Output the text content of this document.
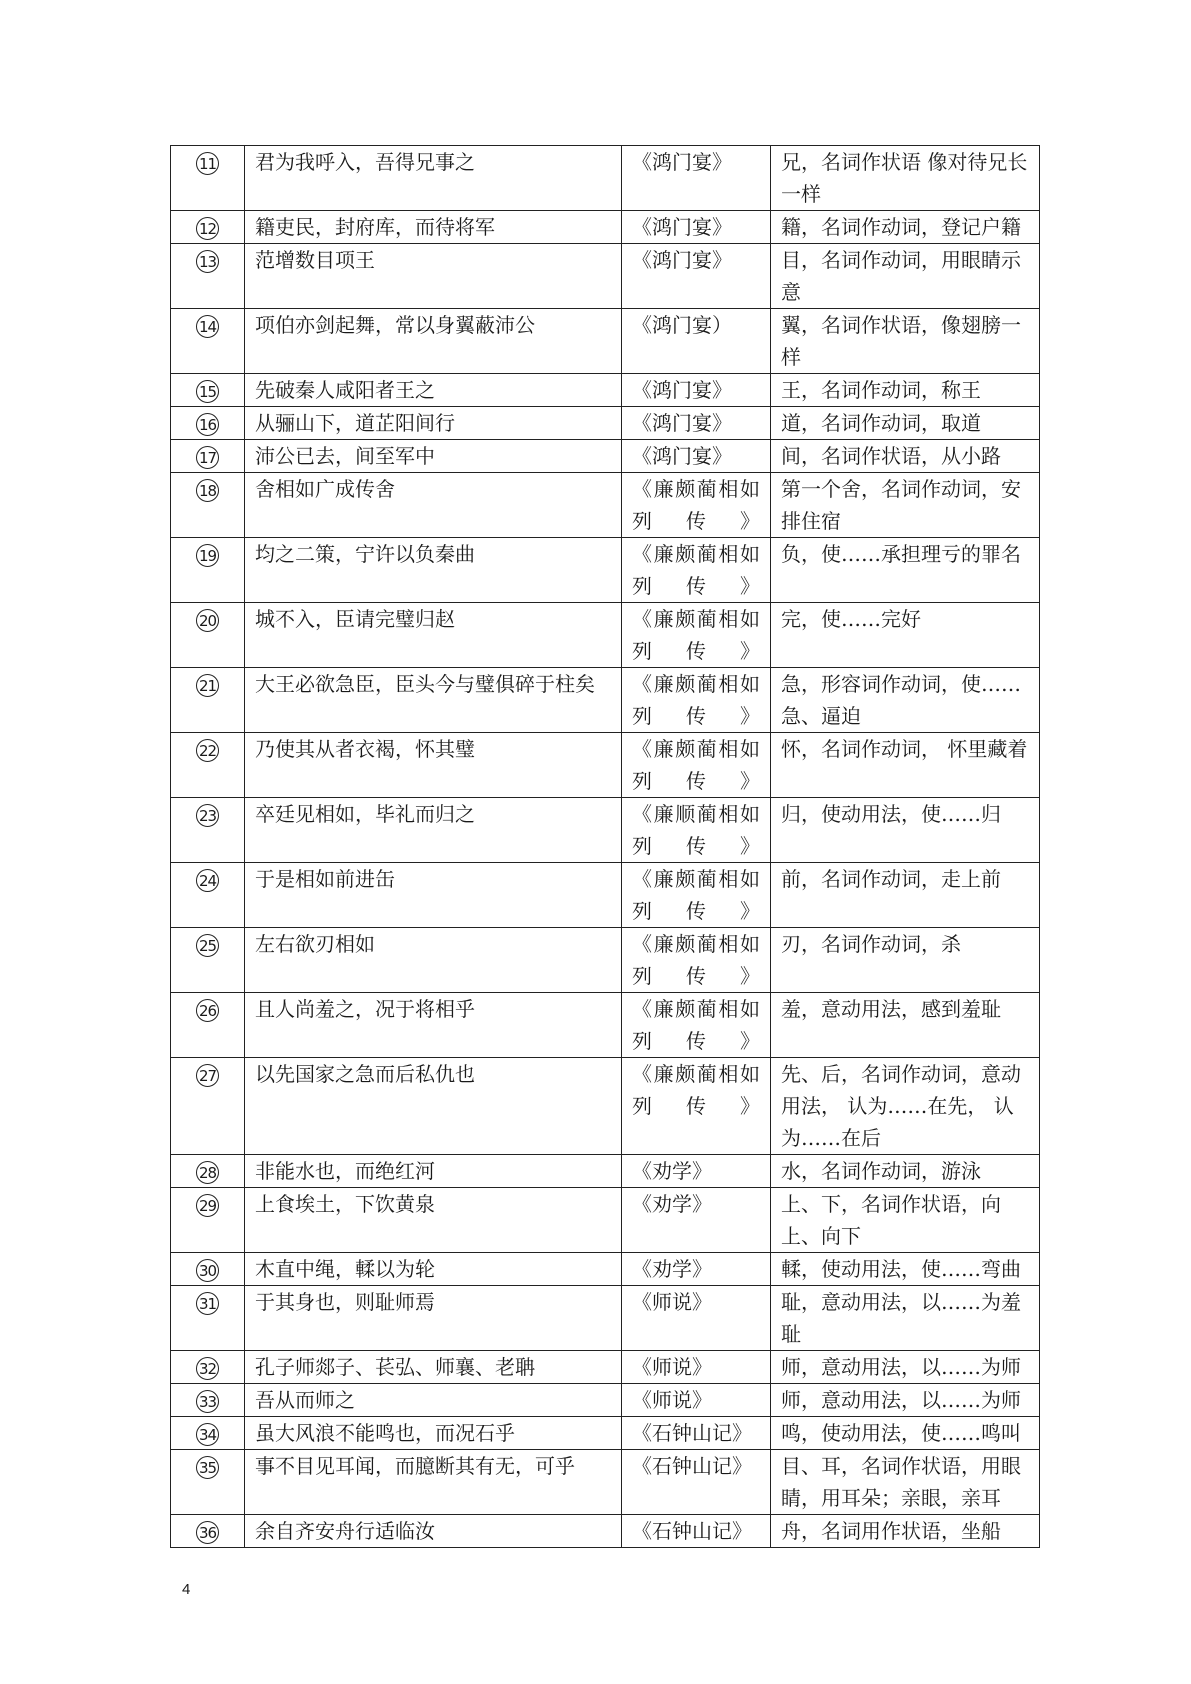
11	君为我呼入，吾得兄事之	《鸿门宴》	兄，名词作状语 像对待兄长一样
12	籍吏民，封府库，而待将军	《鸿门宴》	籍，名词作动词，登记户籍
13	范增数目项王	《鸿门宴》	目，名词作动词，用眼睛示意
14	项伯亦剑起舞，常以身翼蔽沛公	《鸿门宴）	翼，名词作状语，像翅膀一样
15	先破秦人咸阳者王之	《鸿门宴》	王，名词作动词，称王
16	从骊山下，道芷阳间行	《鸿门宴》	道，名词作动词，取道
17	沛公已去，间至军中	《鸿门宴》	间，名词作状语，从小路
18	舍相如广成传舍	《廉颇蔺相如列传》	第一个舍，名词作动词，安排住宿
19	均之二策，宁许以负秦曲	《廉颇蔺相如列传》	负，使……承担理亏的罪名
20	城不入，臣请完璧归赵	《廉颇蔺相如列传》	完，使……完好
21	大王必欲急臣，臣头今与璧俱碎于柱矣	《廉颇蔺相如列传》	急，形容词作动词，使……急、逼迫
22	乃使其从者衣褐，怀其璧	《廉颇蔺相如列传》	怀，名词作动词， 怀里藏着
23	卒廷见相如，毕礼而归之	《廉顺蔺相如列传》	归，使动用法，使……归
24	于是相如前进缶	《廉颇蔺相如列传》	前，名词作动词，走上前
25	左右欲刃相如	《廉颇蔺相如列传》	刃，名词作动词，杀
26	且人尚羞之，况于将相乎	《廉颇蔺相如列传》	羞，意动用法，感到羞耻
27	以先国家之急而后私仇也	《廉颇蔺相如列传》	先、后，名词作动词，意动用法， 认为……在先， 认为……在后
28	非能水也，而绝红河	《劝学》	水，名词作动词，游泳
29	上食埃土，下饮黄泉	《劝学》	上、下，名词作状语，向上、向下
30	木直中绳，輮以为轮	《劝学》	輮，使动用法，使……弯曲
31	于其身也，则耻师焉	《师说》	耻，意动用法，以……为羞耻
32	孔子师郯子、苌弘、师襄、老聃	《师说》	师，意动用法，以……为师
33	吾从而师之	《师说》	师，意动用法，以……为师
34	虽大风浪不能鸣也，而况石乎	《石钟山记》	鸣，使动用法，使……鸣叫
35	事不目见耳闻，而臆断其有无，可乎	《石钟山记》	目、耳，名词作状语，用眼睛，用耳朵；亲眼，亲耳
36	余自齐安舟行适临汝	《石钟山记》	舟，名词用作状语，坐船
4
